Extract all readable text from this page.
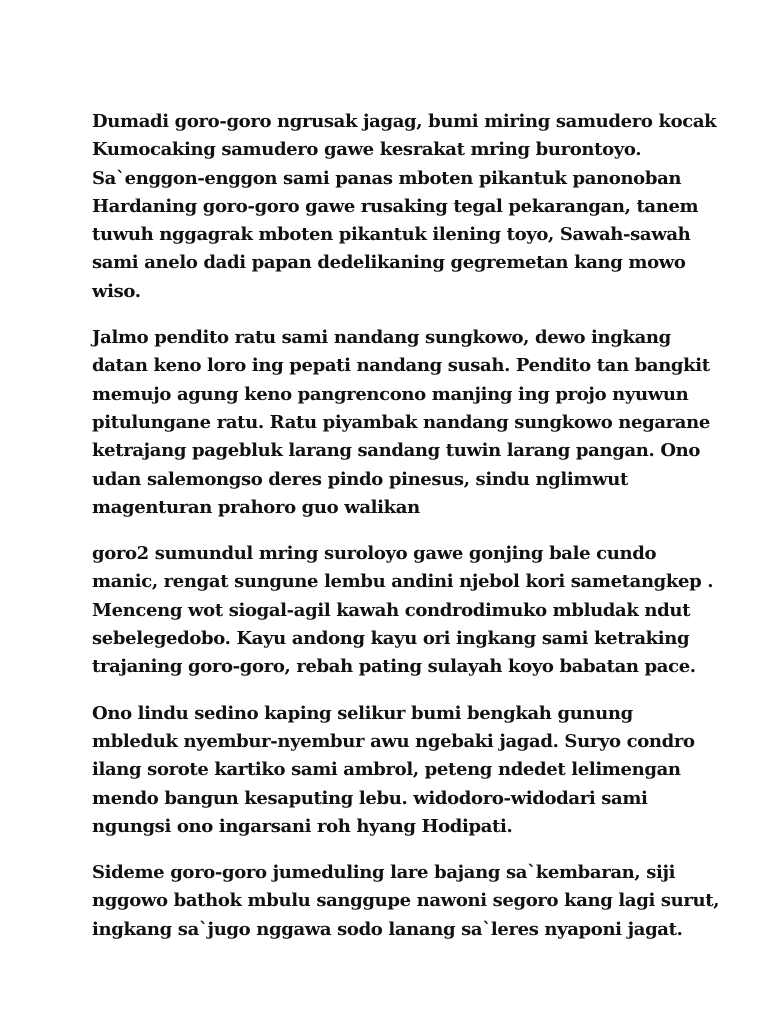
Dumadi goro-goro ngrusak jagag, bumi miring samudero kocak
Kumocaking samudero gawe kesrakat mring burontoyo.
Sa`enggon-enggon sami panas mboten pikantuk panonoban
Hardaning goro-goro gawe rusaking tegal pekarangan, tanem
tuwuh nggagrak mboten pikantuk ilening toyo, Sawah-sawah
sami anelo dadi papan dedelikaning gegremetan kang mowo
wiso.
Jalmo pendito ratu sami nandang sungkowo, dewo ingkang
datan keno loro ing pepati nandang susah. Pendito tan bangkit
memujo agung keno pangrencono manjing ing projo nyuwun
pitulungane ratu. Ratu piyambak nandang sungkowo negarane
ketrajang pagebluk larang sandang tuwin larang pangan. Ono
udan salemongso deres pindo pinesus, sindu nglimwut
magenturan prahoro guo walikan
goro2 sumundul mring suroloyo gawe gonjing bale cundo
manic, rengat sungune lembu andini njebol kori sametangkep .
Menceng wot siogal-agil kawah condrodimuko mbludak ndut
sebelegedobo. Kayu andong kayu ori ingkang sami ketraking
trajaning goro-goro, rebah pating sulayah koyo babatan pace.
Ono lindu sedino kaping selikur bumi bengkah gunung
mbleduk nyembur-nyembur awu ngebaki jagad. Suryo condro
ilang sorote kartiko sami ambrol, peteng ndedet lelimengan
mendo bangun kesaputing lebu. widodoro-widodari sami
ngungsi ono ingarsani roh hyang Hodipati.
Sideme goro-goro jumeduling lare bajang sa`kembaran, siji
nggowo bathok mbulu sanggupe nawoni segoro kang lagi surut,
ingkang sa`jugo nggawa sodo lanang sa`leres nyaponi jagat.
